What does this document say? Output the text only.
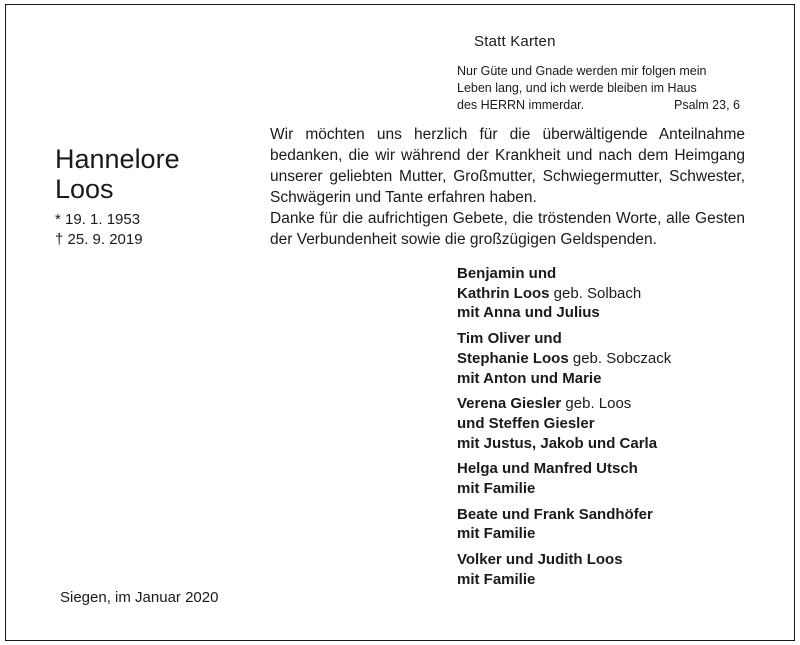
Statt Karten
Nur Güte und Gnade werden mir folgen mein
Leben lang, und ich werde bleiben im Haus
des HERRN immerdar.	Psalm 23, 6
Hannelore
Loos
* 19. 1. 1953
† 25. 9. 2019

Wir möchten uns herzlich für die überwältigende Anteilnahme bedanken, die wir während der Krankheit und nach dem Heimgang unserer geliebten Mutter, Großmutter, Schwiegermutter, Schwester, Schwägerin und Tante erfahren haben.

Danke für die aufrichtigen Gebete, die tröstenden Worte, alle Gesten der Verbundenheit sowie die großzügigen Geldspenden.

Benjamin und
Kathrin Loos geb. Solbach
mit Anna und Julius
Tim Oliver und
Stephanie Loos geb. Sobczack
mit Anton und Marie
Verena Giesler geb. Loos
und Steffen Giesler
mit Justus, Jakob und Carla
Helga und Manfred Utsch
mit Familie
Beate und Frank Sandhöfer
mit Familie
Volker und Judith Loos
mit Familie
Siegen, im Januar 2020
